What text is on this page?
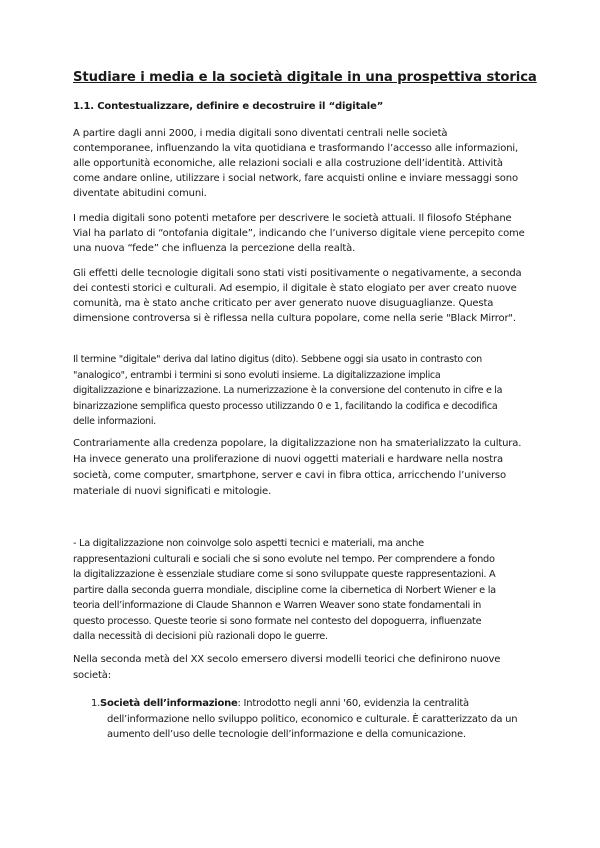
Studiare i media e la società digitale in una prospettiva storica
1.1. Contestualizzare, definire e decostruire il “digitale”
A partire dagli anni 2000, i media digitali sono diventati centrali nelle società
contemporanee, influenzando la vita quotidiana e trasformando l’accesso alle informazioni,
alle opportunità economiche, alle relazioni sociali e alla costruzione dell’identità. Attività
come andare online, utilizzare i social network, fare acquisti online e inviare messaggi sono
diventate abitudini comuni.
I media digitali sono potenti metafore per descrivere le società attuali. Il filosofo Stéphane
Vial ha parlato di “ontofania digitale”, indicando che l’universo digitale viene percepito come
una nuova “fede” che influenza la percezione della realtà.
Gli effetti delle tecnologie digitali sono stati visti positivamente o negativamente, a seconda
dei contesti storici e culturali. Ad esempio, il digitale è stato elogiato per aver creato nuove
comunità, ma è stato anche criticato per aver generato nuove disuguaglianze. Questa
dimensione controversa si è riflessa nella cultura popolare, come nella serie "Black Mirror".
Il termine "digitale" deriva dal latino digitus (dito). Sebbene oggi sia usato in contrasto con
"analogico", entrambi i termini si sono evoluti insieme. La digitalizzazione implica
digitalizzazione e binarizzazione. La numerizzazione è la conversione del contenuto in cifre e la
binarizzazione semplifica questo processo utilizzando 0 e 1, facilitando la codifica e decodifica
delle informazioni.
Contrariamente alla credenza popolare, la digitalizzazione non ha smaterializzato la cultura.
Ha invece generato una proliferazione di nuovi oggetti materiali e hardware nella nostra
società, come computer, smartphone, server e cavi in fibra ottica, arricchendo l’universo
materiale di nuovi significati e mitologie.
- La digitalizzazione non coinvolge solo aspetti tecnici e materiali, ma anche
rappresentazioni culturali e sociali che si sono evolute nel tempo. Per comprendere a fondo
la digitalizzazione è essenziale studiare come si sono sviluppate queste rappresentazioni. A
partire dalla seconda guerra mondiale, discipline come la cibernetica di Norbert Wiener e la
teoria dell’informazione di Claude Shannon e Warren Weaver sono state fondamentali in
questo processo. Queste teorie si sono formate nel contesto del dopoguerra, influenzate
dalla necessità di decisioni più razionali dopo le guerre.
Nella seconda metà del XX secolo emersero diversi modelli teorici che definirono nuove
società:
1.Società dell’informazione: Introdotto negli anni '60, evidenzia la centralità
dell’informazione nello sviluppo politico, economico e culturale. È caratterizzato da un
aumento dell’uso delle tecnologie dell’informazione e della comunicazione.
